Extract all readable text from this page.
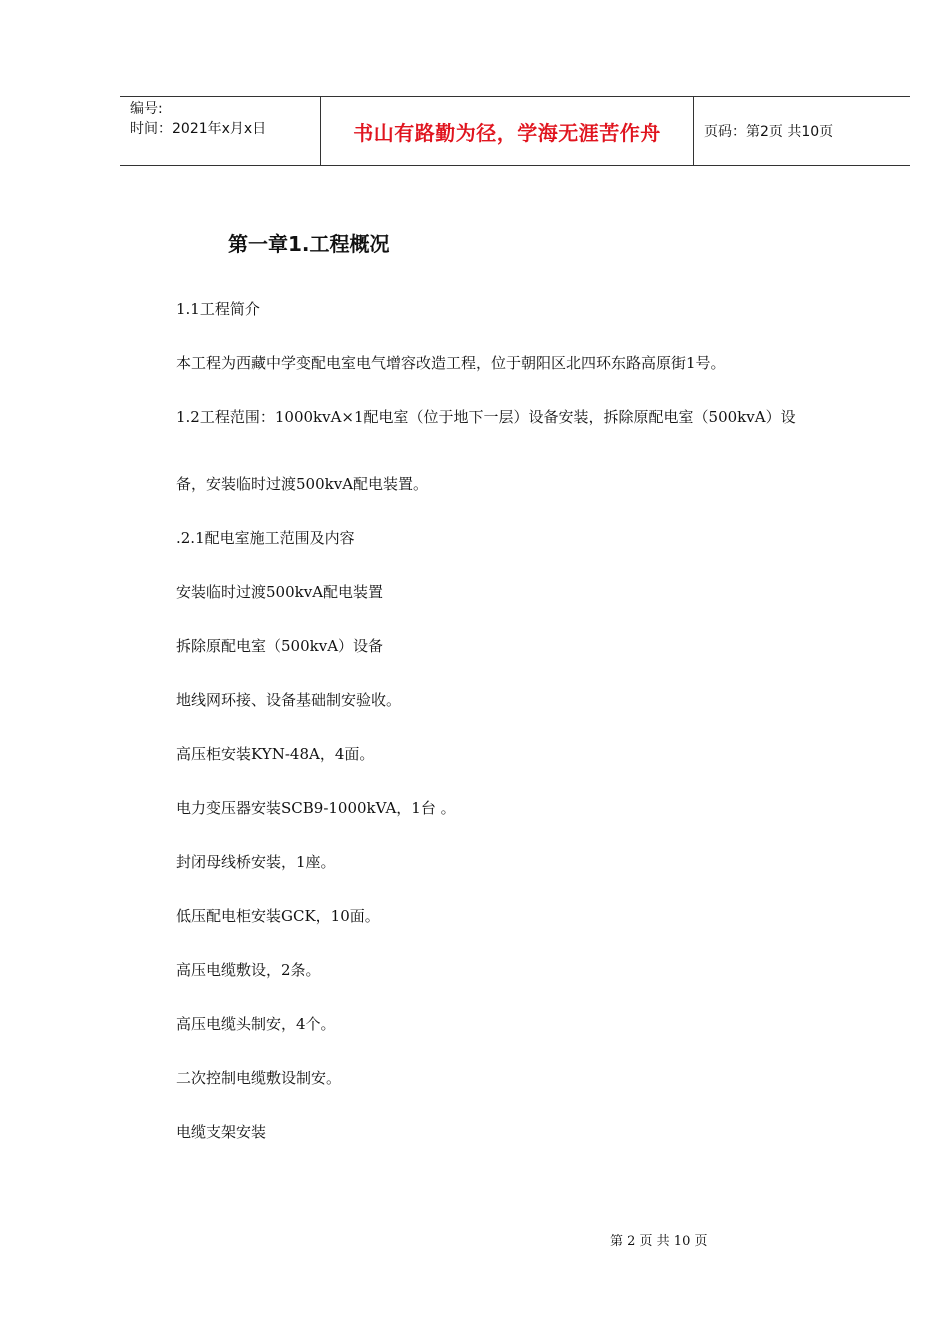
编号:
时间：2021年x月x日	书山有路勤为径，学海无涯苦作舟	页码：第2页 共10页
第一章1.工程概况
1.1工程简介
本工程为西藏中学变配电室电气增容改造工程，位于朝阳区北四环东路高原街1号。
1.2工程范围：1000kvA×1配电室（位于地下一层）设备安装，拆除原配电室（500kvA）设
备，安装临时过渡500kvA配电装置。
.2.1配电室施工范围及内容
安装临时过渡500kvA配电装置
拆除原配电室（500kvA）设备
地线网环接、设备基础制安验收。
高压柜安装KYN-48A，4面。
电力变压器安装SCB9-1000kVA，1台 。
封闭母线桥安装，1座。
低压配电柜安装GCK，10面。
高压电缆敷设，2条。
高压电缆头制安，4个。
二次控制电缆敷设制安。
电缆支架安装
第 2 页 共 10 页
